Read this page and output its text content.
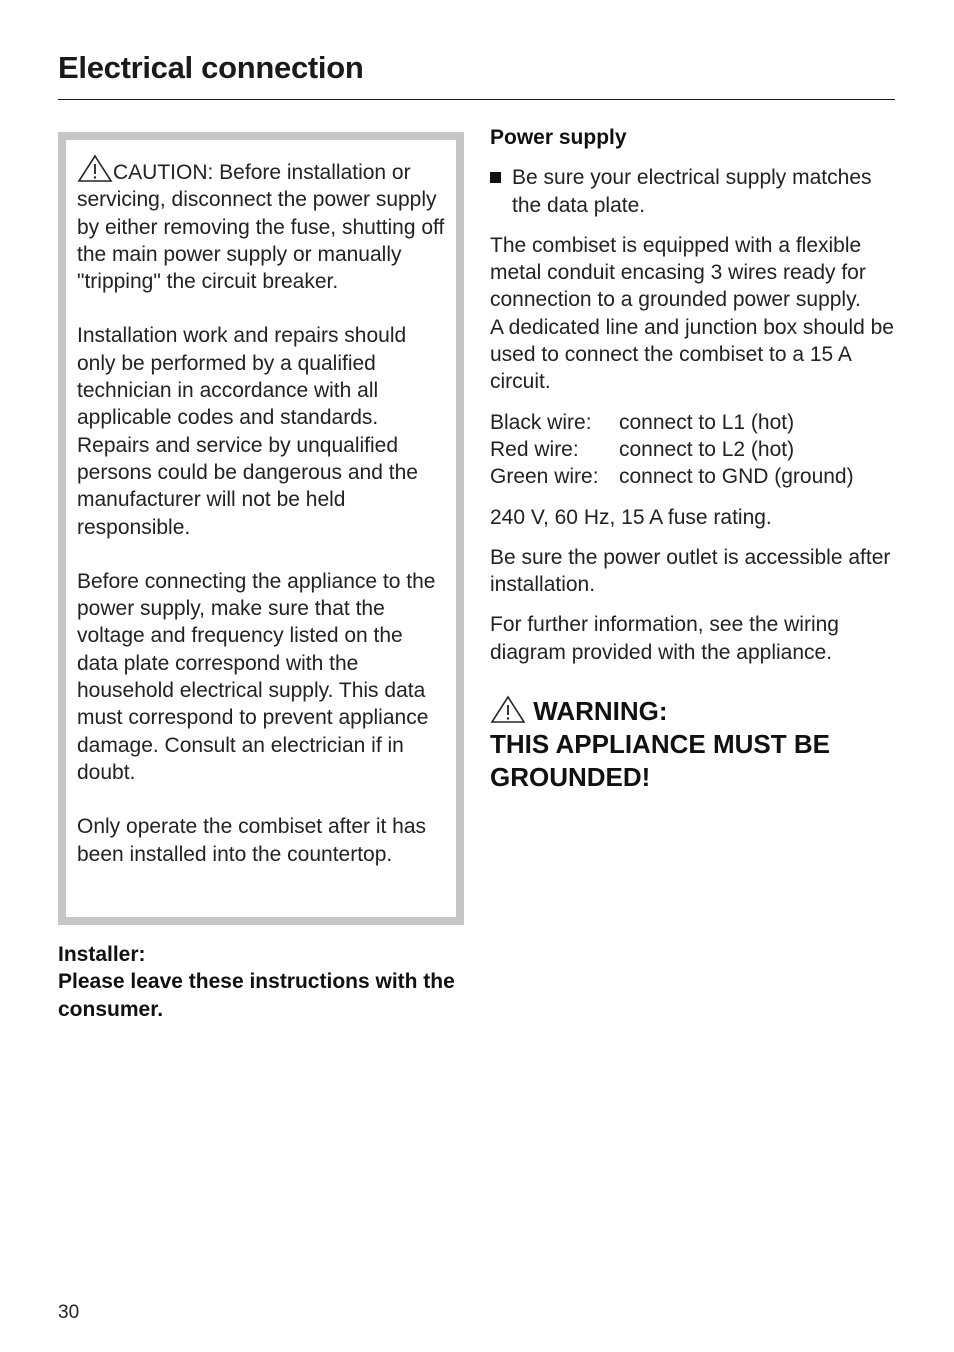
Electrical connection

CAUTION: Before installation or servicing, disconnect the power supply by either removing the fuse, shutting off the main power supply or manually "tripping" the circuit breaker.

Installation work and repairs should only be performed by a qualified technician in accordance with all applicable codes and standards. Repairs and service by unqualified persons could be dangerous and the manufacturer will not be held responsible.

Before connecting the appliance to the power supply, make sure that the voltage and frequency listed on the data plate correspond with the household electrical supply. This data must correspond to prevent appliance damage. Consult an electrician if in doubt.

Only operate the combiset after it has been installed into the countertop.

Installer:
Please leave these instructions with the consumer.
Power supply
Be sure your electrical supply matches the data plate.

The combiset is equipped with a flexible metal conduit encasing 3 wires ready for connection to a grounded power supply.

A dedicated line and junction box should be used to connect the combiset to a 15 A circuit.

Black wire:	connect to L1 (hot)
Red wire:	connect to L2 (hot)
Green wire: connect to GND (ground)

240 V, 60 Hz, 15 A fuse rating.

Be sure the power outlet is accessible after installation.

For further information, see the wiring diagram provided with the appliance.

WARNING:
THIS APPLIANCE MUST BE GROUNDED!
30
